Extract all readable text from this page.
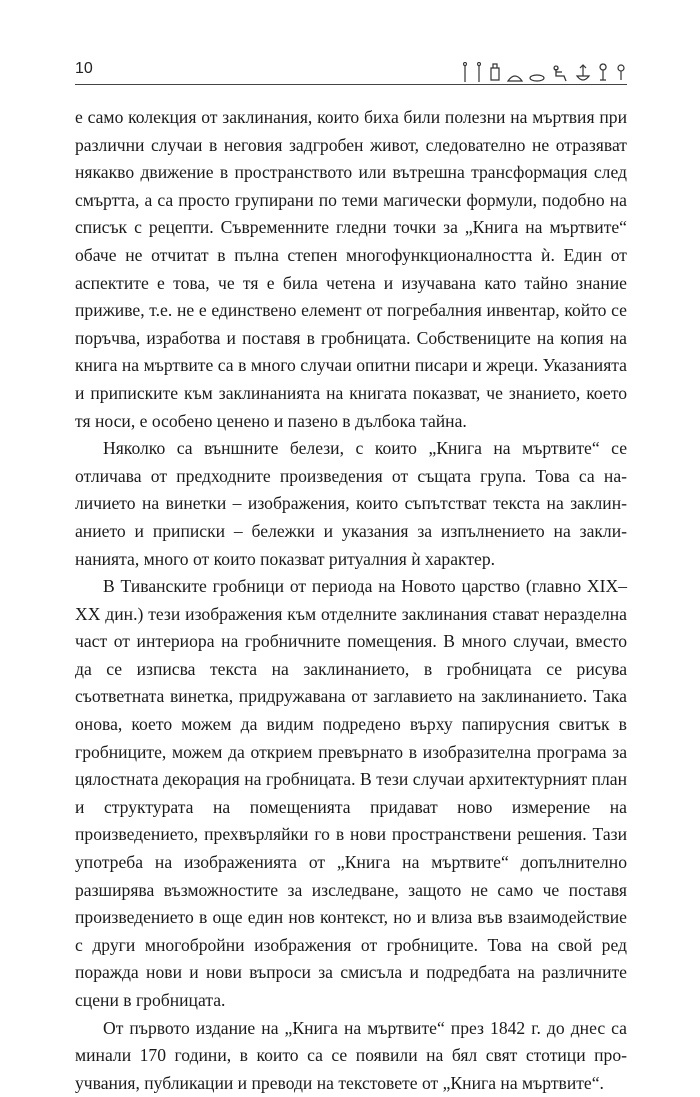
10

е само колекция от заклинания, които биха били полезни на мъртвия при различни случаи в неговия задгробен живот, следователно не отразяват някакво движение в пространството или вътрешна трансформация след смъртта, а са просто групирани по теми магически формули, подобно на списък с рецепти. Съвременните гледни точки за „Книга на мъртвите“ обаче не отчитат в пълна степен многофункционалността ѝ. Един от аспектите е това, че тя е била четена и изучавана като тайно знание приживе, т.е. не е единствено елемент от погребалния инвентар, който се поръчва, изработва и поставя в гробницата. Собствениците на копия на книга на мъртвите са в много случаи опитни писари и жреци. Указанията и приписките към заклинанията на книгата показват, че знанието, което тя носи, е особено ценено и пазено в дълбока тайна.

Няколко са външните белези, с които „Книга на мъртвите“ се отличава от предходните произведения от същата група. Това са наличието на винетки – изображения, които съпътстват текста на заклинанието и приписки – бележки и указания за изпълнението на заклинанията, много от които показват ритуалния ѝ характер.

В Тиванските гробници от периода на Новото царство (главно XIX–XX дин.) тези изображения към отделните заклинания стават неразделна част от интериора на гробничните помещения. В много случаи, вместо да се изписва текста на заклинанието, в гробницата се рисува съответната винетка, придружавана от заглавието на заклинанието. Така онова, което можем да видим подредено върху папирусния свитък в гробниците, можем да открием превърнато в изобразителна програма за цялостната декорация на гробницата. В тези случаи архитектурният план и структурата на помещенията придават ново измерение на произведението, прехвърляйки го в нови пространствени решения. Тази употреба на изображенията от „Книга на мъртвите“ допълнително разширява възможностите за изследване, защото не само че поставя произведението в още един нов контекст, но и влиза във взаимодействие с други многобройни изображения от гробниците. Това на свой ред поражда нови и нови въпроси за смисъла и подредбата на различните сцени в гробницата.

От първото издание на „Книга на мъртвите“ през 1842 г. до днес са минали 170 години, в които са се появили на бял свят стотици проучвания, публикации и преводи на текстовете от „Книга на мъртвите“.
